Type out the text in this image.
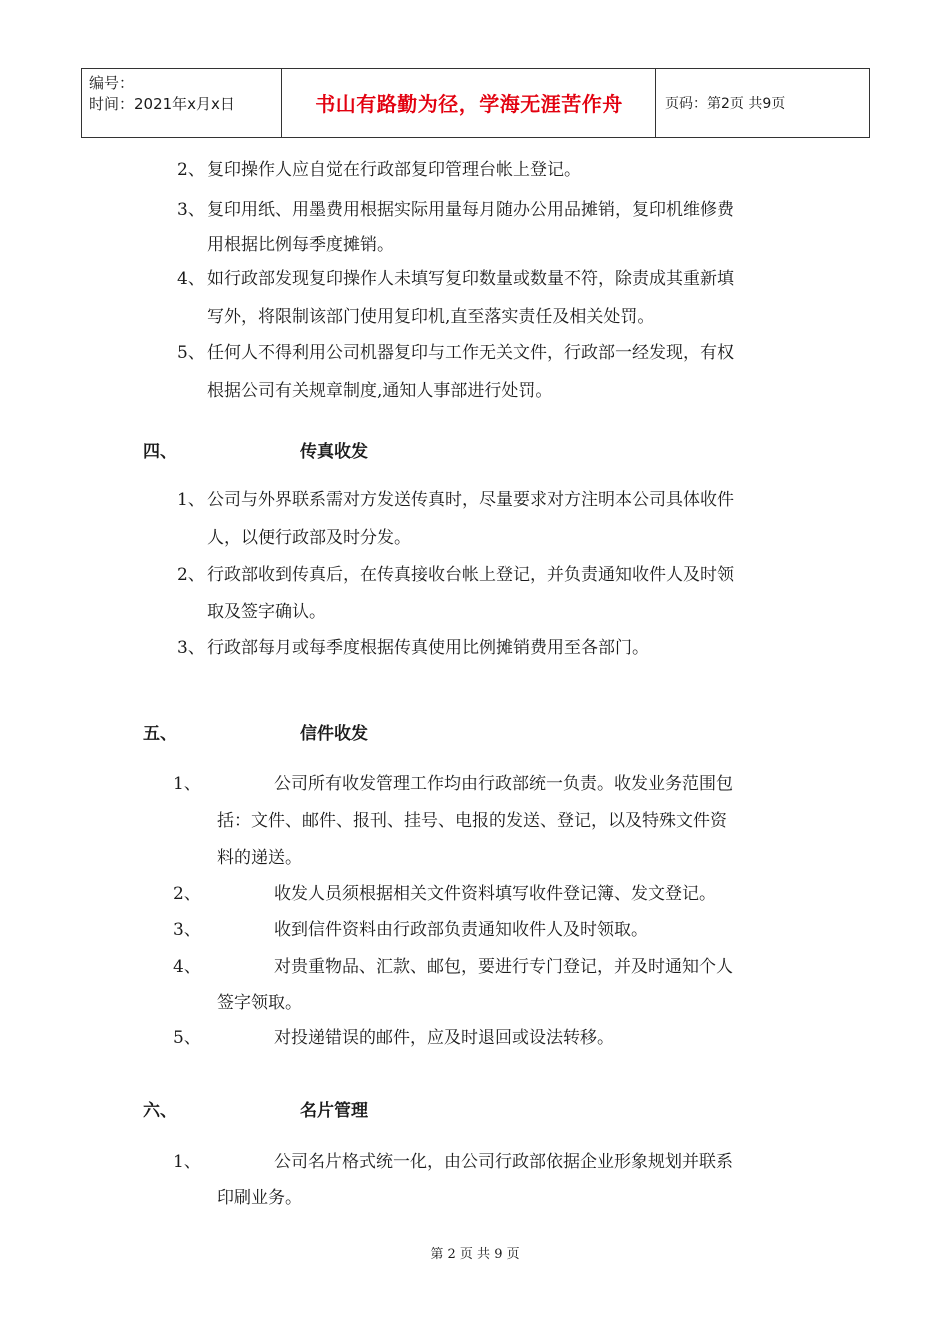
编号：
时间：2021年x月x日	书山有路勤为径，学海无涯苦作舟	页码：第2页 共9页
2、 复印操作人应自觉在行政部复印管理台帐上登记。
3、 复印用纸、用墨费用根据实际用量每月随办公用品摊销，复印机维修费
用根据比例每季度摊销。
4、 如行政部发现复印操作人未填写复印数量或数量不符，除责成其重新填
写外，将限制该部门使用复印机,直至落实责任及相关处罚。
5、 任何人不得利用公司机器复印与工作无关文件，行政部一经发现，有权
根据公司有关规章制度,通知人事部进行处罚。
四、	传真收发
1、 公司与外界联系需对方发送传真时，尽量要求对方注明本公司具体收件
人，以便行政部及时分发。
2、 行政部收到传真后，在传真接收台帐上登记，并负责通知收件人及时领
取及签字确认。
3、 行政部每月或每季度根据传真使用比例摊销费用至各部门。
五、	信件收发
1、	公司所有收发管理工作均由行政部统一负责。收发业务范围包
括：文件、邮件、报刊、挂号、电报的发送、登记，以及特殊文件资
料的递送。
2、	收发人员须根据相关文件资料填写收件登记簿、发文登记。
3、	收到信件资料由行政部负责通知收件人及时领取。
4、	对贵重物品、汇款、邮包，要进行专门登记，并及时通知个人
签字领取。
5、	对投递错误的邮件，应及时退回或设法转移。
六、	名片管理
1、	公司名片格式统一化，由公司行政部依据企业形象规划并联系
印刷业务。
第 2 页 共 9 页
